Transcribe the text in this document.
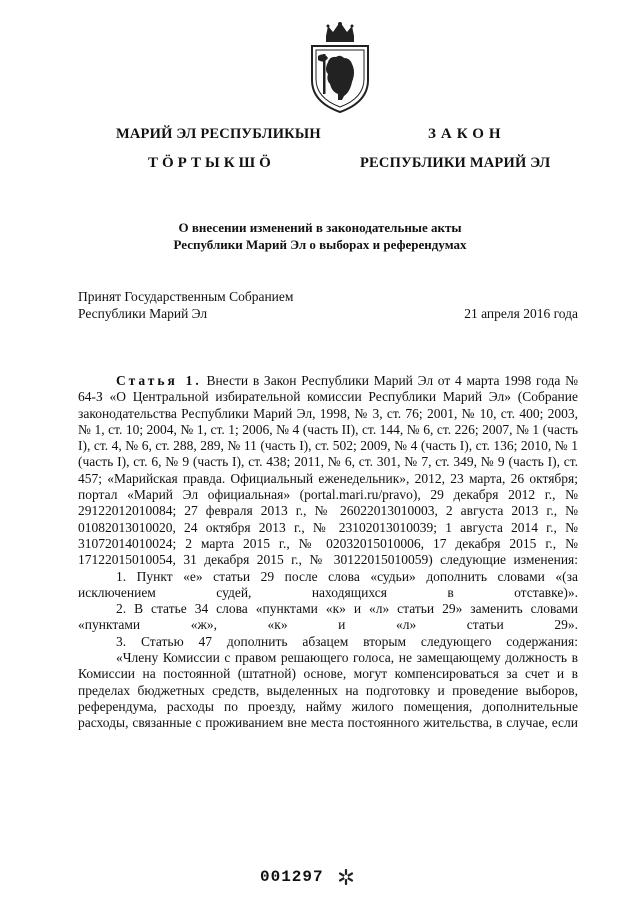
МАРИЙ ЭЛ РЕСПУБЛИКЫН
ТӦРТЫКШӦ
ЗАКОН
РЕСПУБЛИКИ МАРИЙ ЭЛ
О внесении изменений в законодательные акты
Республики Марий Эл о выборах и референдумах
Принят Государственным Собранием
Республики Марий Эл	21 апреля 2016 года

Статья 1. Внести в Закон Республики Марий Эл от 4 марта 1998 года № 64-З «О Центральной избирательной комиссии Республики Марий Эл» (Собрание законодательства Республики Марий Эл, 1998, № 3, ст. 76; 2001, № 10, ст. 400; 2003, № 1, ст. 10; 2004, № 1, ст. 1; 2006, № 4 (часть II), ст. 144, № 6, ст. 226; 2007, № 1 (часть I), ст. 4, № 6, ст. 288, 289, № 11 (часть I), ст. 502; 2009, № 4 (часть I), ст. 136; 2010, № 1 (часть I), ст. 6, № 9 (часть I), ст. 438; 2011, № 6, ст. 301, № 7, ст. 349, № 9 (часть I), ст. 457; «Марийская правда. Официальный еженедельник», 2012, 23 марта, 26 октября; портал «Марий Эл официальная» (portal.mari.ru/pravo), 29 декабря 2012 г., № 29122012010084; 27 февраля 2013 г., № 26022013010003, 2 августа 2013 г., № 01082013010020, 24 октября 2013 г., № 23102013010039; 1 августа 2014 г., № 31072014010024; 2 марта 2015 г., № 02032015010006, 17 декабря 2015 г., № 17122015010054, 31 декабря 2015 г., № 30122015010059) следующие изменения:

1. Пункт «е» статьи 29 после слова «судьи» дополнить словами «(за исключением судей, находящихся в отставке)».

2. В статье 34 слова «пунктами «к» и «л» статьи 29» заменить словами «пунктами «ж», «к» и «л» статьи 29».

3. Статью 47 дополнить абзацем вторым следующего содержания:

«Члену Комиссии с правом решающего голоса, не замещающему должность в Комиссии на постоянной (штатной) основе, могут компенсироваться за счет и в пределах бюджетных средств, выделенных на подготовку и проведение выборов, референдума, расходы по проезду, найму жилого помещения, дополнительные расходы, связанные с проживанием вне места постоянного жительства, в случае, если

001297
